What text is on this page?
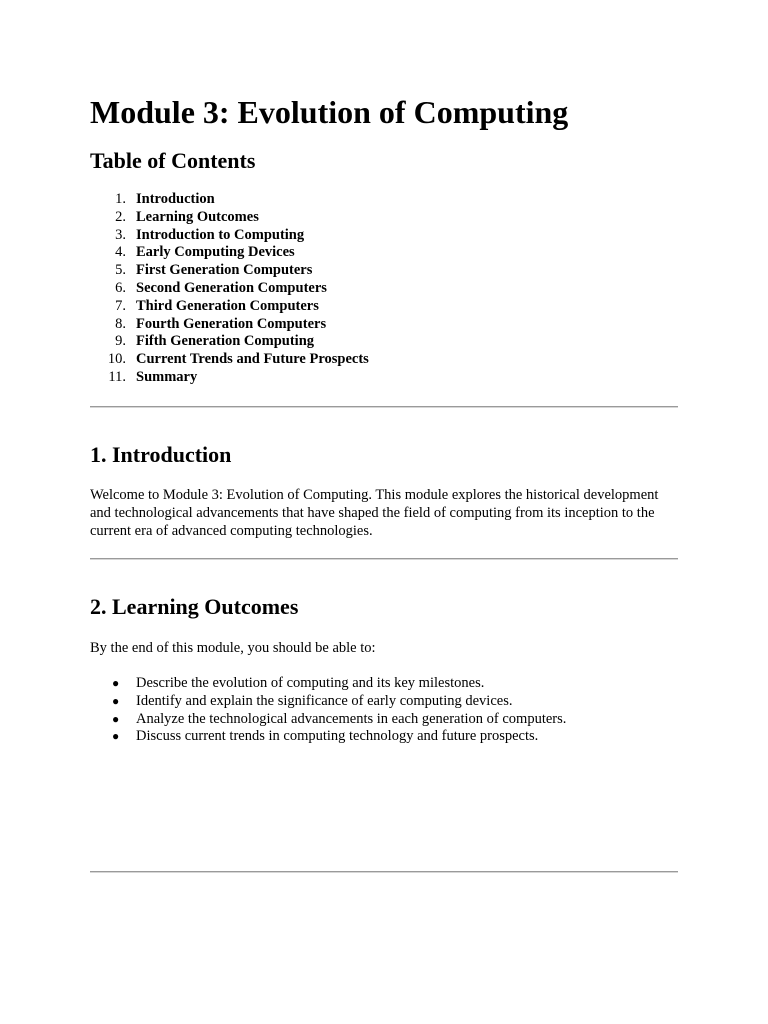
Module 3: Evolution of Computing
Table of Contents
1 . Introduction
2 . Learning Outcomes
3 . Introduction to Computing
4 . Early Computing Devices
5 . First Generation Computers
6 . Second Generation Computers
7 . Third Generation Computers
8 . Fourth Generation Computers
9 . Fifth Generation Computing
10 . Current Trends and Future Prospects
11 . Summary
1. Introduction

Welcome to Module 3: Evolution of Computing. This module explores the historical development and technological advancements that have shaped the field of computing from its inception to the current era of advanced computing technologies.

2. Learning Outcomes

By the end of this module, you should be able to:

● Describe the evolution of computing and its key milestones.
● Identify and explain the significance of early computing devices.
● Analyze the technological advancements in each generation of computers.
● Discuss current trends in computing technology and future prospects.
